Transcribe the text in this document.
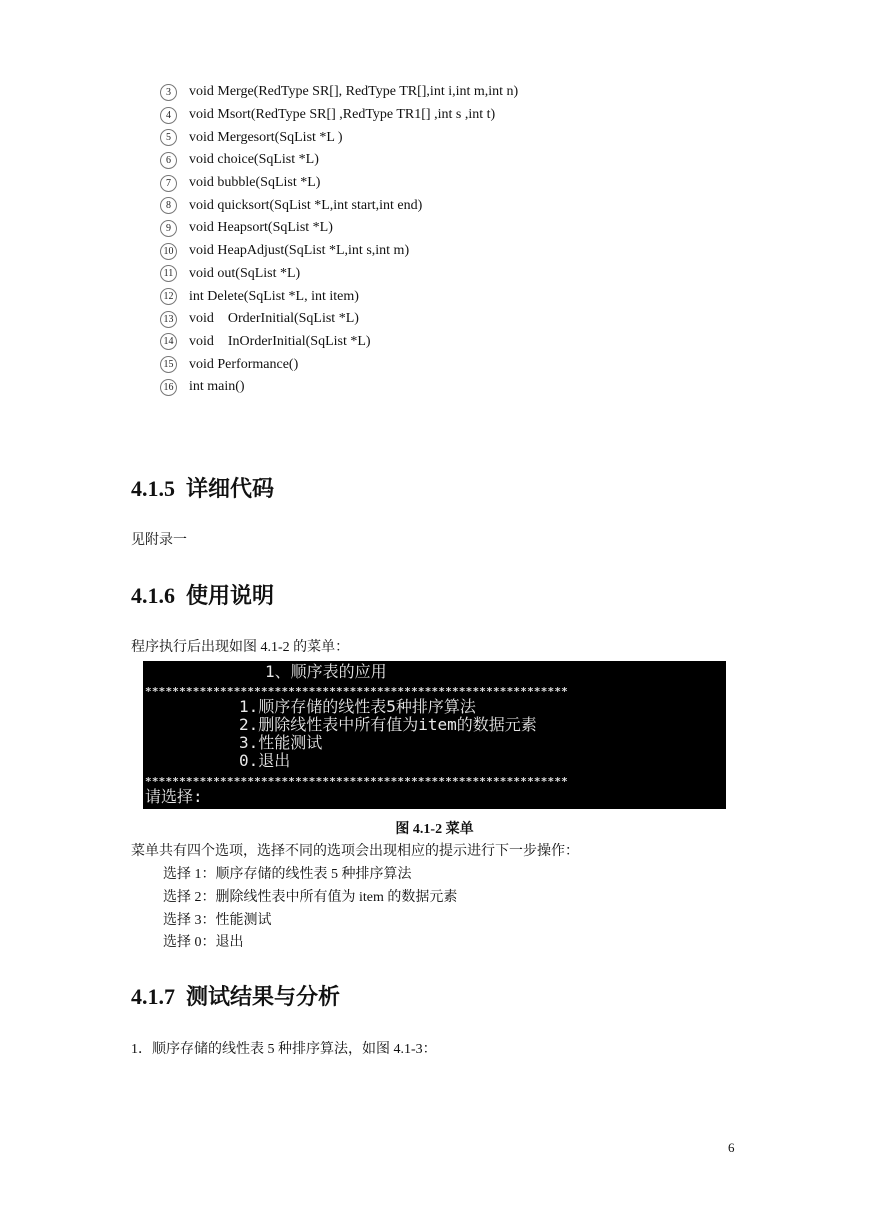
3	void Merge(RedType SR[], RedType TR[],int i,int m,int n)
4	void Msort(RedType SR[] ,RedType TR1[] ,int s ,int t)
5	void Mergesort(SqList *L )
6	void choice(SqList *L)
7	void bubble(SqList *L)
8	void quicksort(SqList *L,int start,int end)
9	void Heapsort(SqList *L)
10 void HeapAdjust(SqList *L,int s,int m)
11 void out(SqList *L)
12 int Delete(SqList *L, int item)
13 void    OrderInitial(SqList *L)
14 void    InOrderInitial(SqList *L)
15 void Performance()
16 int main()
4.1.5  详细代码

见附录一

4.1.6  使用说明

程序执行后出现如图 4.1-2 的菜单：

1、顺序表的应用
**************************************************************
1.顺序存储的线性表5种排序算法
2.删除线性表中所有值为item的数据元素
3.性能测试
0.退出
**************************************************************
请选择:
图 4.1-2 菜单

菜单共有四个选项，选择不同的选项会出现相应的提示进行下一步操作：

选择 1：顺序存储的线性表 5 种排序算法

选择 2：删除线性表中所有值为 item 的数据元素

选择 3：性能测试

选择 0：退出

4.1.7  测试结果与分析

1．顺序存储的线性表 5 种排序算法，如图 4.1-3：

6
